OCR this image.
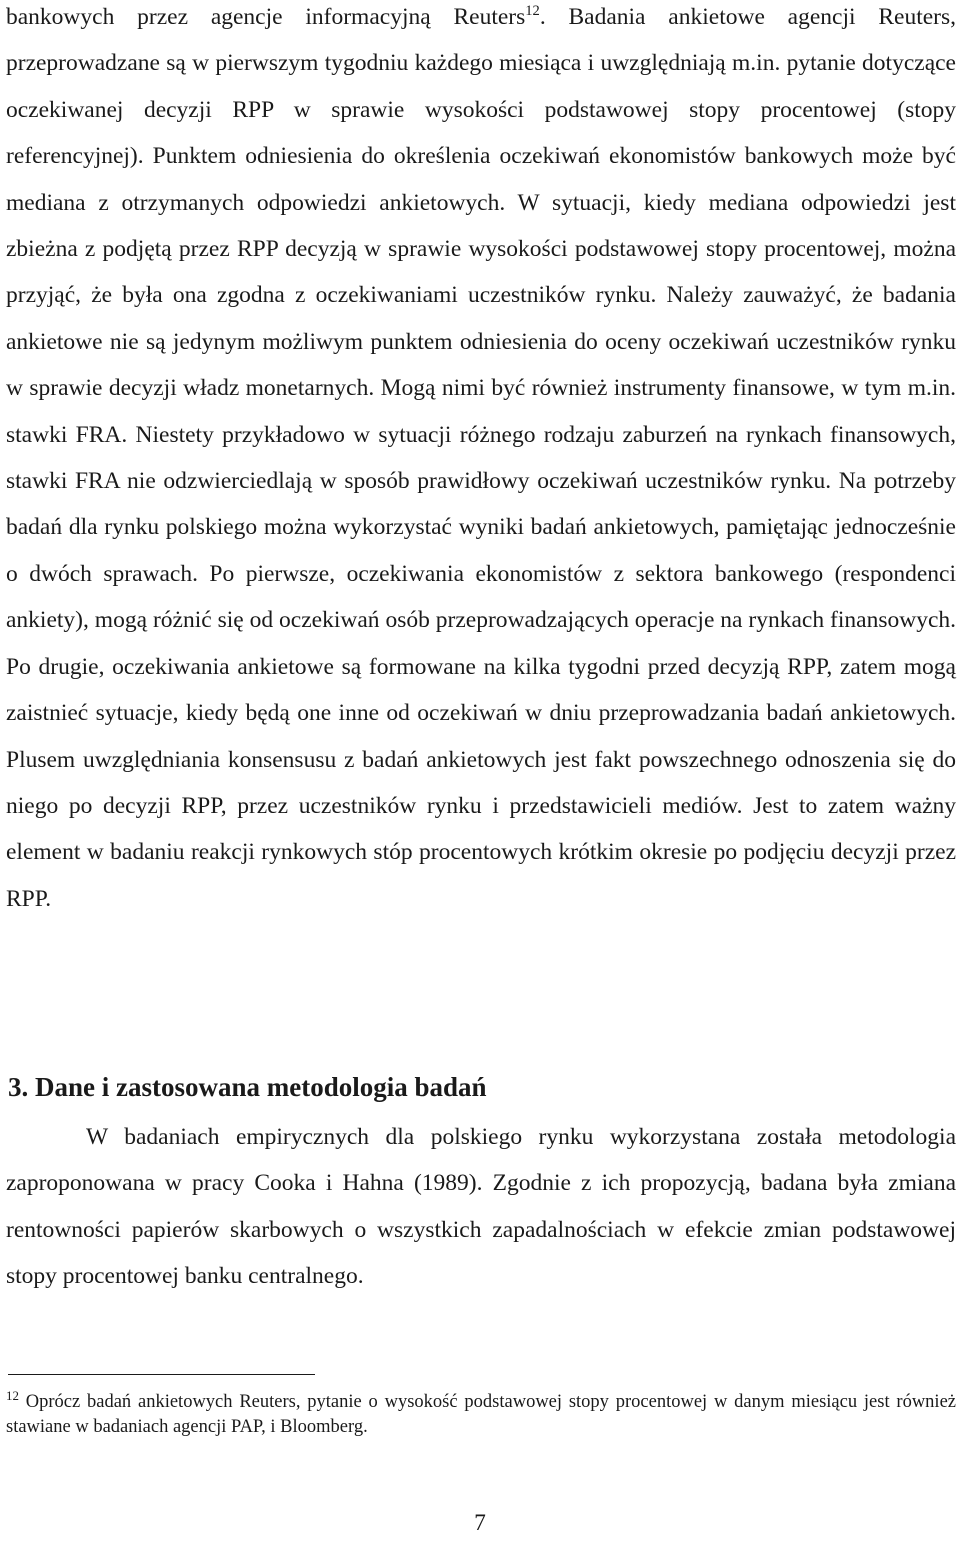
bankowych przez agencje informacyjną Reuters$^{12}$. Badania ankietowe agencji Reuters, przeprowadzane są w pierwszym tygodniu każdego miesiąca i uwzględniają m.in. pytanie dotyczące oczekiwanej decyzji RPP w sprawie wysokości podstawowej stopy procentowej (stopy referencyjnej). Punktem odniesienia do określenia oczekiwań ekonomistów bankowych może być mediana z otrzymanych odpowiedzi ankietowych. W sytuacji, kiedy mediana odpowiedzi jest zbieżna z podjętą przez RPP decyzją w sprawie wysokości podstawowej stopy procentowej, można przyjąć, że była ona zgodna z oczekiwaniami uczestników rynku. Należy zauważyć, że badania ankietowe nie są jedynym możliwym punktem odniesienia do oceny oczekiwań uczestników rynku w sprawie decyzji władz monetarnych. Mogą nimi być również instrumenty finansowe, w tym m.in. stawki FRA. Niestety przykładowo w sytuacji różnego rodzaju zaburzeń na rynkach finansowych, stawki FRA nie odzwierciedlają w sposób prawidłowy oczekiwań uczestników rynku. Na potrzeby badań dla rynku polskiego można wykorzystać wyniki badań ankietowych, pamiętając jednocześnie o dwóch sprawach. Po pierwsze, oczekiwania ekonomistów z sektora bankowego (respondenci ankiety), mogą różnić się od oczekiwań osób przeprowadzających operacje na rynkach finansowych. Po drugie, oczekiwania ankietowe są formowane na kilka tygodni przed decyzją RPP, zatem mogą zaistnieć sytuacje, kiedy będą one inne od oczekiwań w dniu przeprowadzania badań ankietowych. Plusem uwzględniania konsensusu z badań ankietowych jest fakt powszechnego odnoszenia się do niego po decyzji RPP, przez uczestników rynku i przedstawicieli mediów. Jest to zatem ważny element w badaniu reakcji rynkowych stóp procentowych krótkim okresie po podjęciu decyzji przez RPP.

3. Dane i zastosowana metodologia badań

W badaniach empirycznych dla polskiego rynku wykorzystana została metodologia zaproponowana w pracy Cooka i Hahna (1989). Zgodnie z ich propozycją, badana była zmiana rentowności papierów skarbowych o wszystkich zapadalnościach w efekcie zmian podstawowej stopy procentowej banku centralnego.

$^{12}$ Oprócz badań ankietowych Reuters, pytanie o wysokość podstawowej stopy procentowej w danym miesiącu jest również stawiane w badaniach agencji PAP, i Bloomberg.

7
